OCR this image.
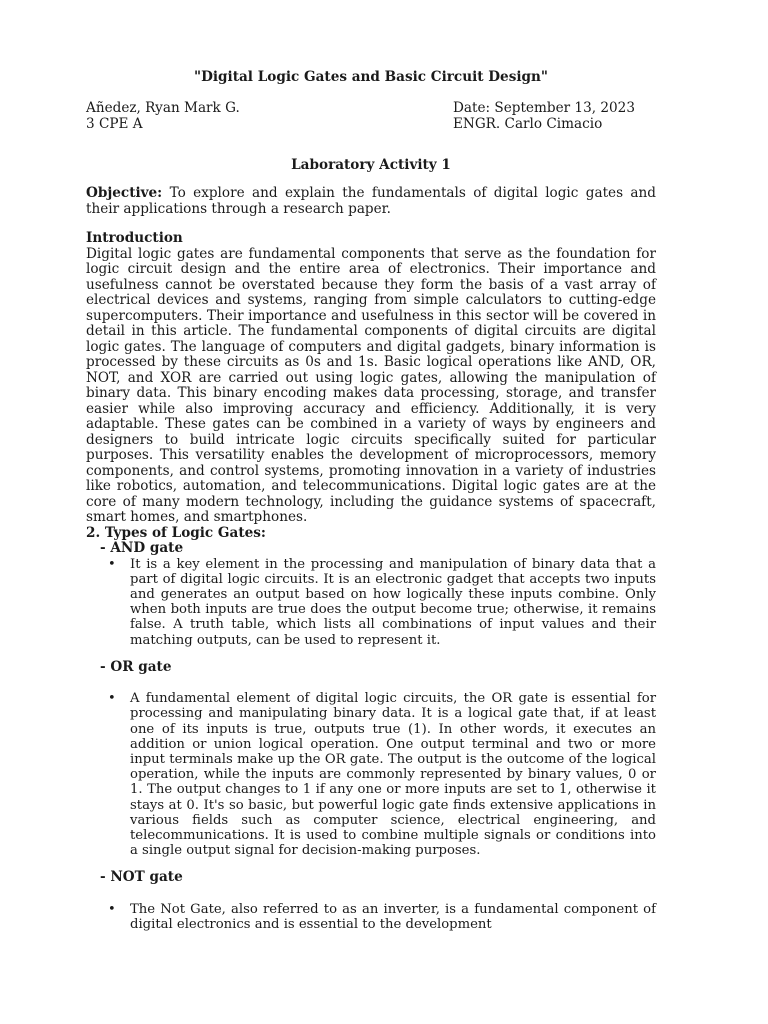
"Digital Logic Gates and Basic Circuit Design"
Añedez, Ryan Mark G.
3 CPE A
Date: September 13, 2023
ENGR. Carlo Cimacio
Laboratory Activity 1

Objective: To explore and explain the fundamentals of digital logic gates and their applications through a research paper.

Introduction

Digital logic gates are fundamental components that serve as the foundation for logic circuit design and the entire area of electronics. Their importance and usefulness cannot be overstated because they form the basis of a vast array of electrical devices and systems, ranging from simple calculators to cutting-edge supercomputers. Their importance and usefulness in this sector will be covered in detail in this article. The fundamental components of digital circuits are digital logic gates. The language of computers and digital gadgets, binary information is processed by these circuits as 0s and 1s. Basic logical operations like AND, OR, NOT, and XOR are carried out using logic gates, allowing the manipulation of binary data. This binary encoding makes data processing, storage, and transfer easier while also improving accuracy and efficiency. Additionally, it is very adaptable. These gates can be combined in a variety of ways by engineers and designers to build intricate logic circuits specifically suited for particular purposes. This versatility enables the development of microprocessors, memory components, and control systems, promoting innovation in a variety of industries like robotics, automation, and telecommunications. Digital logic gates are at the core of many modern technology, including the guidance systems of spacecraft, smart homes, and smartphones.

2. Types of Logic Gates:
- AND gate
•	It is a key element in the processing and manipulation of binary data that a part of digital logic circuits. It is an electronic gadget that accepts two inputs and generates an output based on how logically these inputs combine. Only when both inputs are true does the output become true; otherwise, it remains false. A truth table, which lists all combinations of input values and their matching outputs, can be used to represent it.

- OR gate
•	A fundamental element of digital logic circuits, the OR gate is essential for processing and manipulating binary data. It is a logical gate that, if at least one of its inputs is true, outputs true (1). In other words, it executes an addition or union logical operation. One output terminal and two or more input terminals make up the OR gate. The output is the outcome of the logical operation, while the inputs are commonly represented by binary values, 0 or 1. The output changes to 1 if any one or more inputs are set to 1, otherwise it stays at 0. It's so basic, but powerful logic gate finds extensive applications in various fields such as computer science, electrical engineering, and telecommunications. It is used to combine multiple signals or conditions into a single output signal for decision-making purposes.

- NOT gate
•	The Not Gate, also referred to as an inverter, is a fundamental component of digital electronics and is essential to the development
